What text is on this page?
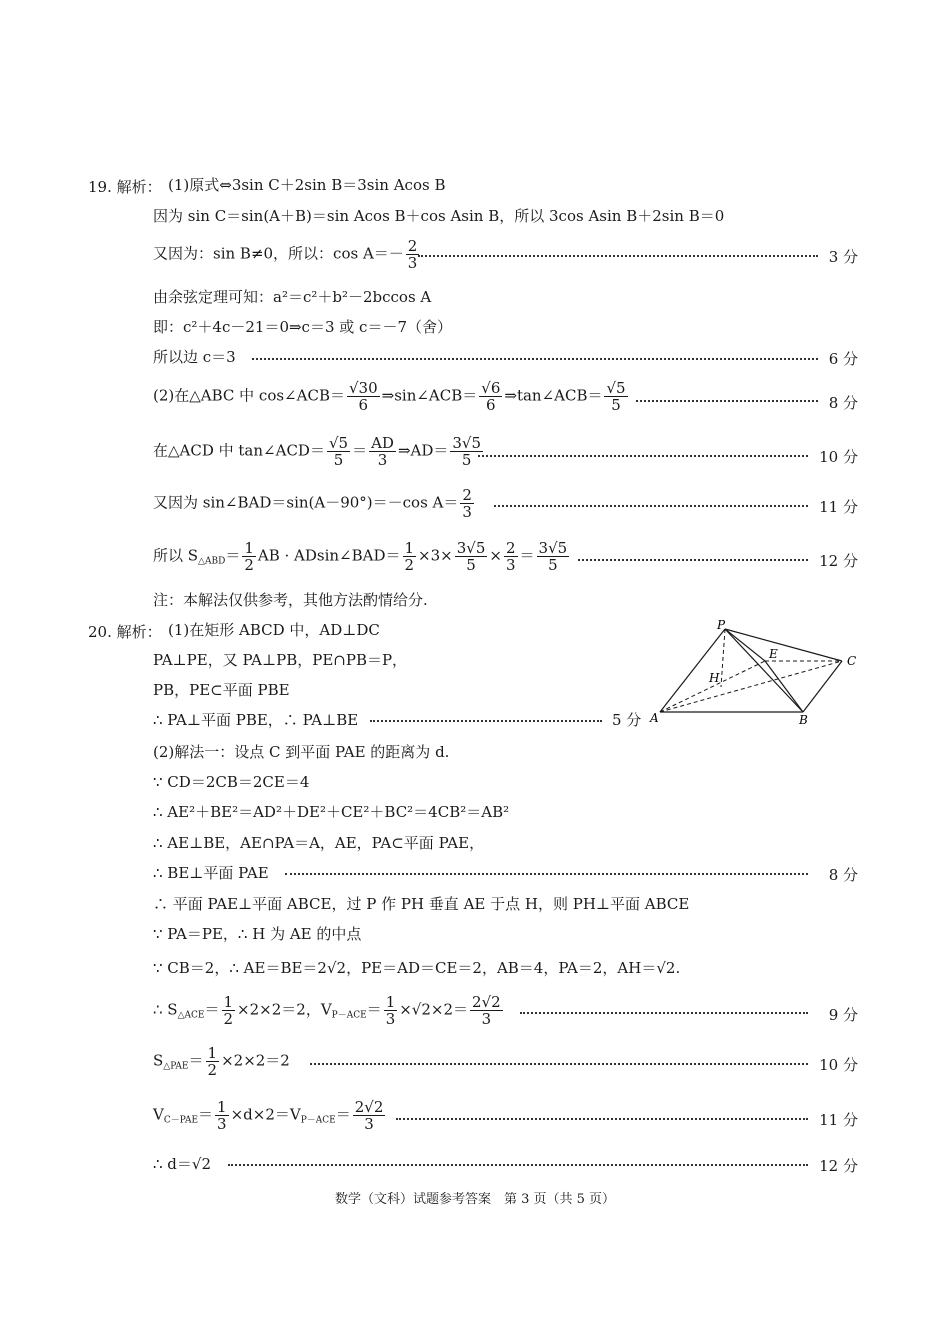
19. 解析： (1)原式⇔3sin C＋2sin B＝3sin Acos B
因为 sin C＝sin(A＋B)＝sin Acos B＋cos Asin B，所以 3cos Asin B＋2sin B＝0
又因为：sin B≠0，所以：$\cos A=- \frac{2}{3}$	3 分
由余弦定理可知：a²＝c²＋b²－2bccos A
即：c²＋4c－21＝0⇒c＝3 或 c＝－7（舍）
所以边 c＝3	6 分
(2)在△ABC 中 cos∠ACB＝ $\frac{√30}{6}$ ⇒sin∠ACB＝ $\frac{√6}{6}$ ⇒tan∠ACB＝ $\frac{√5}{5}$	8 分
在△ACD 中 tan∠ACD＝ $\frac{√5}{5} = \frac{AD}{3}$ ⇒AD＝ $\frac{3√5}{5}$	10 分
又因为 sin∠BAD＝sin(A－90°)＝－cos $A= \frac{2}{3}$	11 分
所以 $S_{\triangle ABD}= \frac{1}{2}$ AB · ADsin∠BAD＝ $\frac{1}{2} \times 3\times \frac{3√5}{5} \times \frac{2}{3} = \frac{3√5}{5}$	12 分
注：本解法仅供参考，其他方法酌情给分.
20. 解析： (1)在矩形 ABCD 中，AD⊥DC
PA⊥PE，又 PA⊥PB，PE∩PB＝P，
PB，PE⊂平面 PBE
∴ PA⊥平面 PBE，∴ PA⊥BE	5 分
P
E
H
C
A	B
(2)解法一：设点 C 到平面 PAE 的距离为 d.
∵ CD＝2CB＝2CE＝4
∴ AE²＋BE²＝AD²＋DE²＋CE²＋BC²＝4CB²＝AB²
∴ AE⊥BE，AE∩PA＝A，AE，PA⊂平面 PAE，
∴ BE⊥平面 PAE	8 分
∴ 平面 PAE⊥平面 ABCE，过 P 作 PH 垂直 AE 于点 H，则 PH⊥平面 ABCE
∵ PA＝PE，∴ H 为 AE 的中点
∵ CB＝2，∴ AE＝BE＝2√2，PE＝AD＝CE＝2，AB＝4，PA＝2，AH＝√2.
∴ $S_{\triangle ACE}= \frac{1}{2} \times 2\times 2=2$，$V_{P-ACE}= \frac{1}{3} \times√2\times 2= \frac{2√2}{3}$	9 分
$S_{\triangle PAE}= \frac{1}{2} \times 2\times 2=2$	10 分
$V_{C-PAE}= \frac{1}{3} \times d\times 2=V_{P-ACE}= \frac{2√2}{3}$	11 分
∴ d＝√2	12 分
数学（文科）试题参考答案　第 3 页（共 5 页）
